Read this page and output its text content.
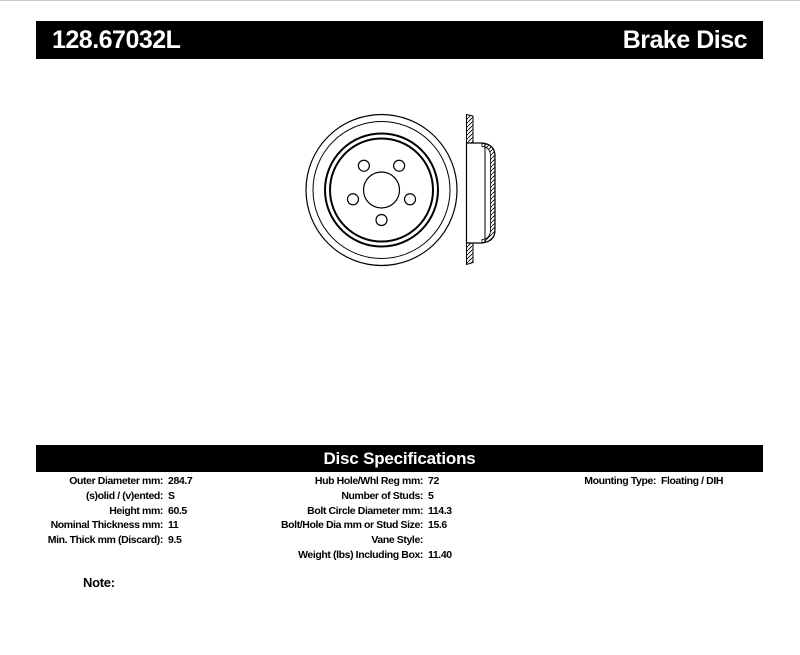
128.67032L	Brake Disc
Disc Specifications
Outer Diameter mm: 284.7
(s)olid / (v)ented: S
Height mm: 60.5
Nominal Thickness mm: 11
Min. Thick mm (Discard): 9.5
Hub Hole/Whl Reg mm: 72
Number of Studs: 5
Bolt Circle Diameter mm: 114.3
Bolt/Hole Dia mm or Stud Size: 15.6
Vane Style:
Weight (lbs) Including Box: 11.40
Mounting Type: Floating / DIH
Note:
